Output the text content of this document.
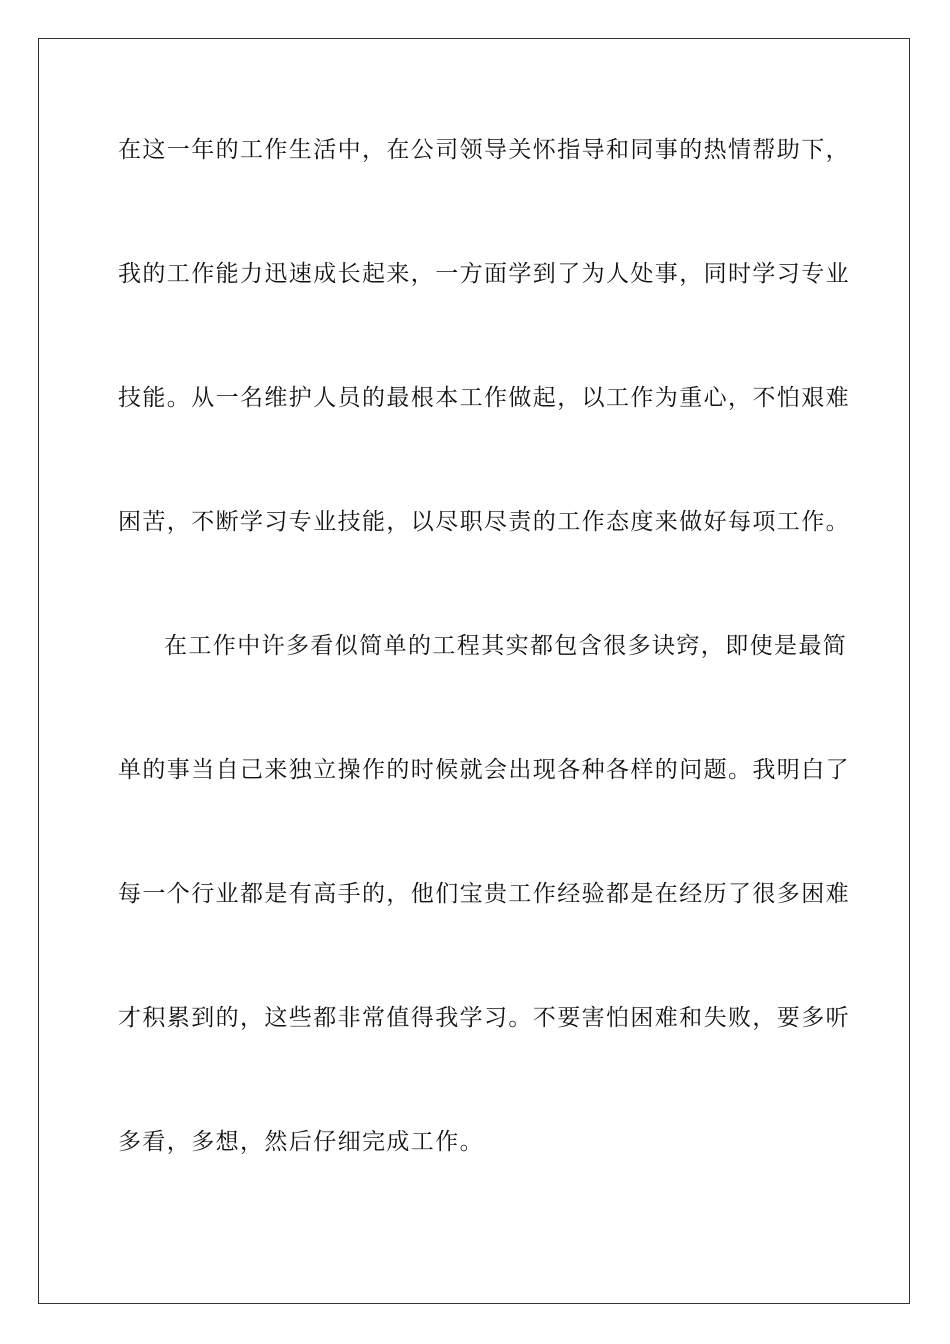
在这一年的工作生活中，在公司领导关怀指导和同事的热情帮助下，
我的工作能力迅速成长起来，一方面学到了为人处事，同时学习专业
技能。从一名维护人员的最根本工作做起，以工作为重心，不怕艰难
困苦，不断学习专业技能，以尽职尽责的工作态度来做好每项工作。
在工作中许多看似简单的工程其实都包含很多诀窍，即使是最简
单的事当自己来独立操作的时候就会出现各种各样的问题。我明白了
每一个行业都是有高手的，他们宝贵工作经验都是在经历了很多困难
才积累到的，这些都非常值得我学习。不要害怕困难和失败，要多听
多看，多想，然后仔细完成工作。
